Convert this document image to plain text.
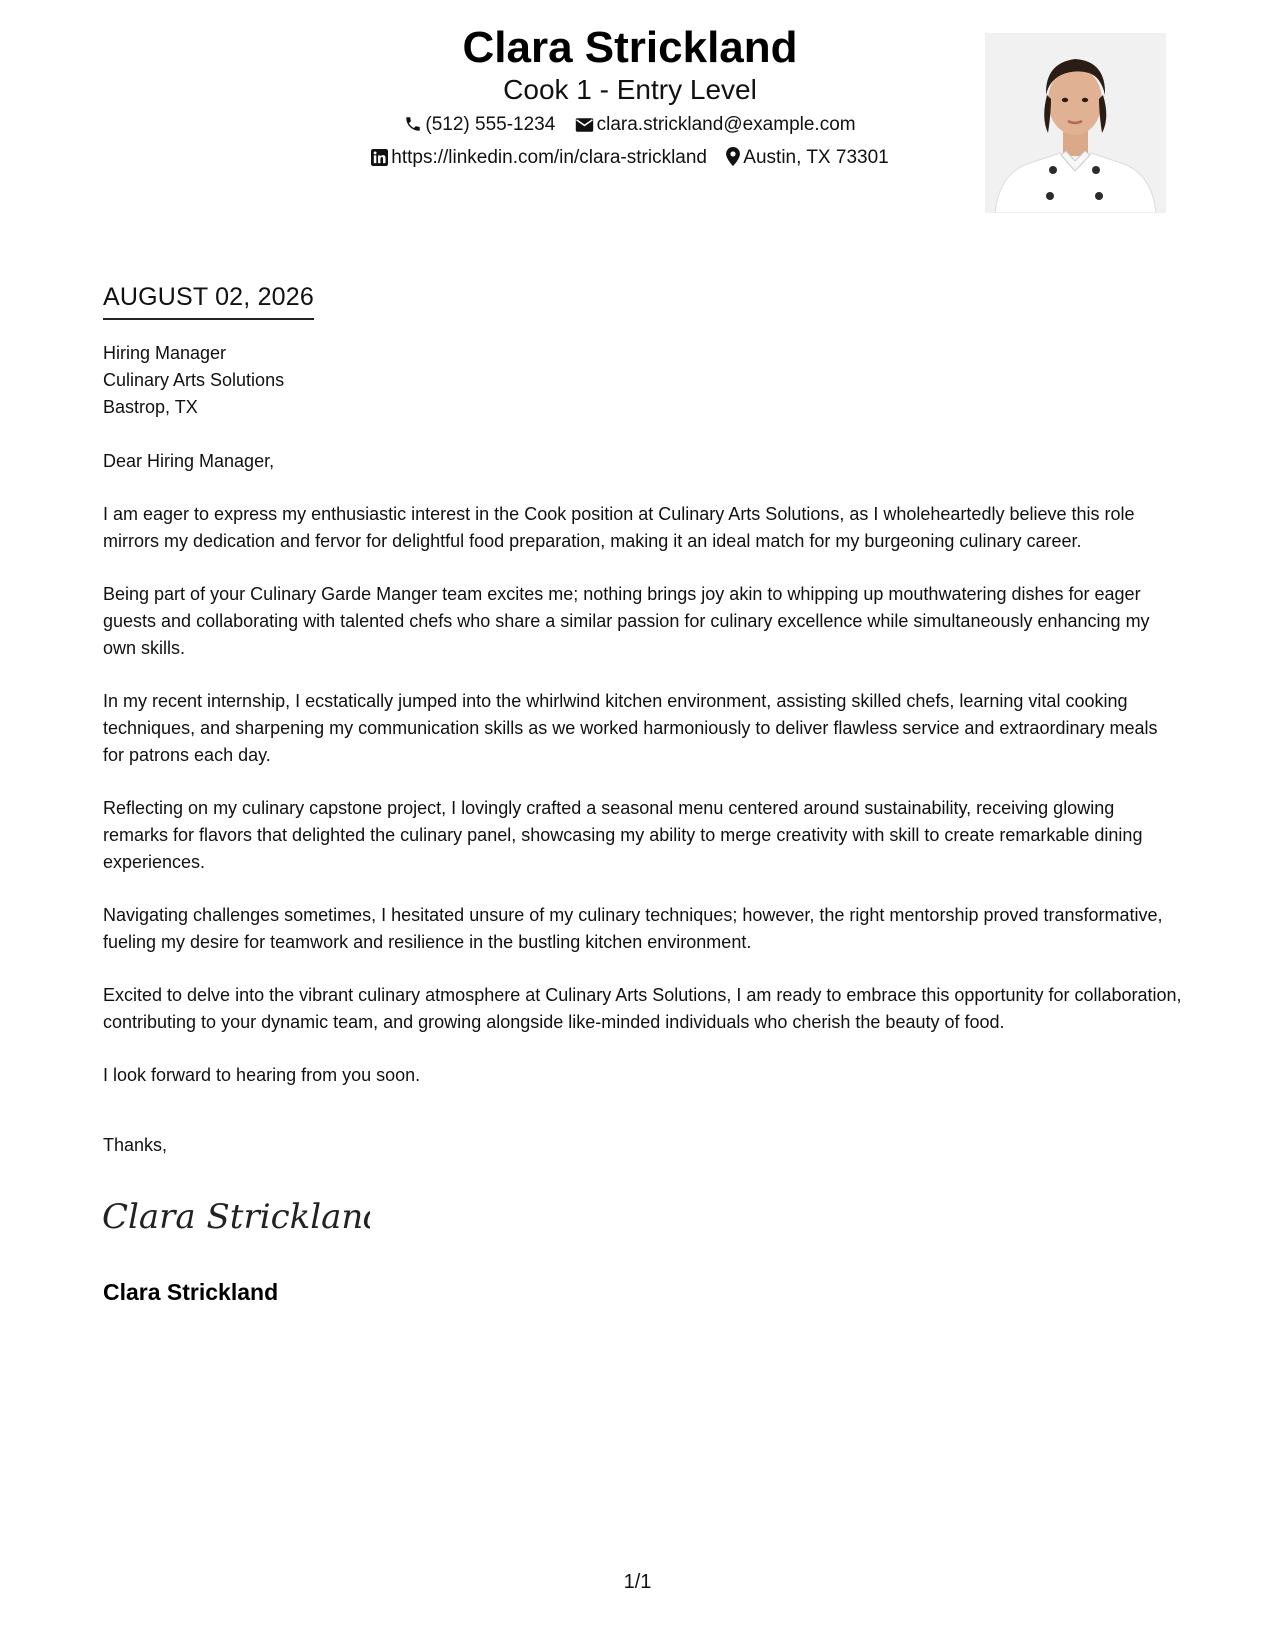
Clara Strickland
Cook 1 - Entry Level
(512) 555-1234 clara.strickland@example.com
https://linkedin.com/in/clara-strickland Austin, TX 73301
AUGUST 02, 2026
Hiring Manager
Culinary Arts Solutions
Bastrop, TX

Dear Hiring Manager,

I am eager to express my enthusiastic interest in the Cook position at Culinary Arts Solutions, as I wholeheartedly believe this role mirrors my dedication and fervor for delightful food preparation, making it an ideal match for my burgeoning culinary career.

Being part of your Culinary Garde Manger team excites me; nothing brings joy akin to whipping up mouthwatering dishes for eager guests and collaborating with talented chefs who share a similar passion for culinary excellence while simultaneously enhancing my own skills.

In my recent internship, I ecstatically jumped into the whirlwind kitchen environment, assisting skilled chefs, learning vital cooking techniques, and sharpening my communication skills as we worked harmoniously to deliver flawless service and extraordinary meals for patrons each day.

Reflecting on my culinary capstone project, I lovingly crafted a seasonal menu centered around sustainability, receiving glowing remarks for flavors that delighted the culinary panel, showcasing my ability to merge creativity with skill to create remarkable dining experiences.

Navigating challenges sometimes, I hesitated unsure of my culinary techniques; however, the right mentorship proved transformative, fueling my desire for teamwork and resilience in the bustling kitchen environment.

Excited to delve into the vibrant culinary atmosphere at Culinary Arts Solutions, I am ready to embrace this opportunity for collaboration, contributing to your dynamic team, and growing alongside like-minded individuals who cherish the beauty of food.

I look forward to hearing from you soon.

Thanks,
Clara Strickland
Clara Strickland
1/1
